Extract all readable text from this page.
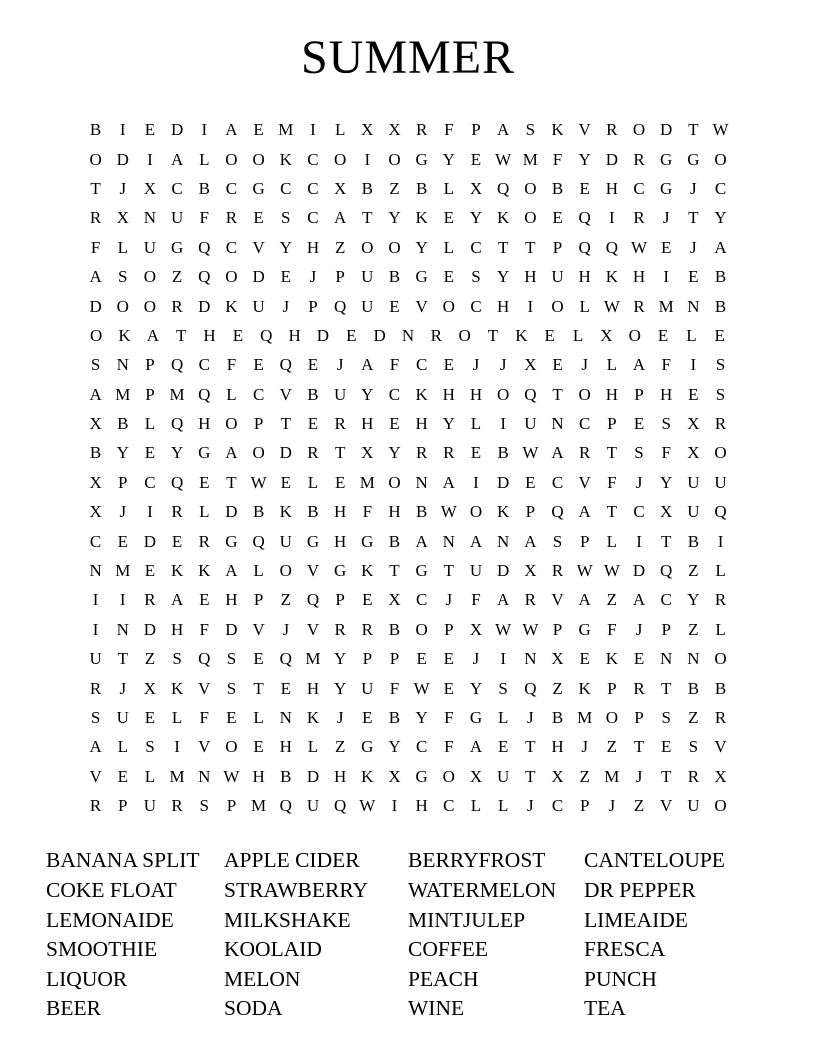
SUMMER
B	I	E D	I	A E M I	L X X R F	P A S K V R O D T W
O D	I	A L O O K C O	I	O G Y E W M F Y D R G G O
T	J	X C B C G C C X B Z B L X Q O B E H C G	J	C
R X N U F R E	S C A T Y K E Y K O E Q	I	R	J	T Y
F	L U G Q C V Y H Z O O Y L C T T	P Q Q W E	J	A
A S O Z Q O D E	J	P U B G E	S Y H U H K H	I	E B
D O O R D K U	J	P Q U E V O C H	I	O L W R M N B
O K A	T	H	E	Q H D	E	D N R O	T	K	E	L	X O	E	L	E
S N P Q C F	E Q E	J	A F C E	J	J	X E	J	L A F	I	S
A M P M Q L C V B U Y C K H H O Q T O H P H E	S
X B L Q H O P	T E R H E H Y L	I	U N C P	E	S X R
B Y E Y G A O D R T X Y R R E B W A R T	S	F X O
X P C Q E T W E L E M O N A	I	D E C V F	J	Y U U
X	J	I	R L D B K B H F H B W O K P Q A T C X U Q
C E D E R G Q U G H G B A N A N A S	P	L	I	T B	I
N M E K K A L O V G K T G T U D X R W W D Q Z L
I	I	R A E H P	Z Q P	E X C	J	F A R V A Z A C Y R
I	N D H F D V	J	V R R B O P X W W P G F	J	P	Z L
U T Z	S Q S	E Q M Y P	P	E E	J	I	N X E K E N N O
R	J	X K V S	T E H Y U F W E Y S Q Z K P R T B B
S U E L	F	E L N K	J	E B Y F G L	J	B M O P	S	Z R
A L	S	I	V O E H L Z G Y C F A E T H	J	Z T E	S V
V E L M N W H B D H K X G O X U T X Z M J	T R X
R P U R S	P M Q U Q W I	H C L L	J	C P	J	Z V U O
BANANA SPLIT
COKE FLOAT
LEMONAIDE
SMOOTHIE
LIQUOR
BEER
APPLE CIDER
STRAWBERRY
MILKSHAKE
KOOLAID
MELON
SODA
BERRYFROST
WATERMELON
MINTJULEP
COFFEE
PEACH
WINE
CANTELOUPE
DR PEPPER
LIMEAIDE
FRESCA
PUNCH
TEA
